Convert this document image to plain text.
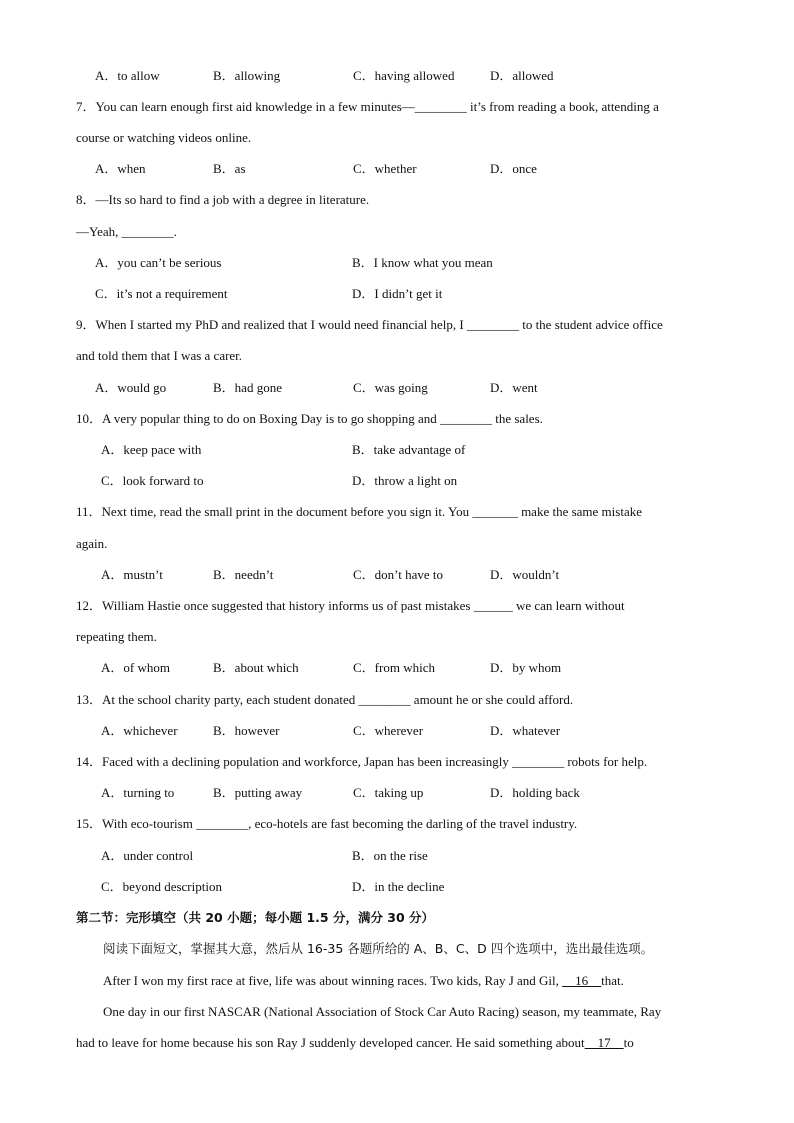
A．to allow	B．allowing	C．having allowed	D．allowed
7．You can learn enough first aid knowledge in a few minutes—________ it’s from reading a book, attending a
course or watching videos online.
A．when	B．as	C．whether	D．once
8．—Its so hard to find a job with a degree in literature.
—Yeah, ________.
A．you can’t be serious	B．I know what you mean
C．it’s not a requirement	D．I didn’t get it
9．When I started my PhD and realized that I would need financial help, I ________ to the student advice office
and told them that I was a carer.
A．would go	B．had gone	C．was going	D．went
10．A very popular thing to do on Boxing Day is to go shopping and ________ the sales.
A．keep pace with	B．take advantage of
C．look forward to	D．throw a light on
11．Next time, read the small print in the document before you sign it. You _______ make the same mistake
again.
A．mustn’t	B．needn’t	C．don’t have to	D．wouldn’t
12．William Hastie once suggested that history informs us of past mistakes ______ we can learn without
repeating them.
A．of whom	B．about which	C．from which	D．by whom
13．At the school charity party, each student donated ________ amount he or she could afford.
A．whichever	B．however	C．wherever	D．whatever
14．Faced with a declining population and workforce, Japan has been increasingly ________ robots for help.
A．turning to	B．putting away	C．taking up	D．holding back
15．With eco-tourism ________, eco-hotels are fast becoming the darling of the travel industry.
A．under control	B．on the rise
C．beyond description	D．in the decline
第二节：完形填空（共 20 小题；每小题 1.5 分，满分 30 分）
阅读下面短文，掌握其大意，然后从 16-35 各题所给的 A、B、C、D 四个选项中，选出最佳选项。
After I won my first race at five, life was about winning races. Two kids, Ray J and Gil,     16    that.
One day in our first NASCAR (National Association of Stock Car Auto Racing) season, my teammate, Ray
had to leave for home because his son Ray J suddenly developed cancer. He said something about    17    to
